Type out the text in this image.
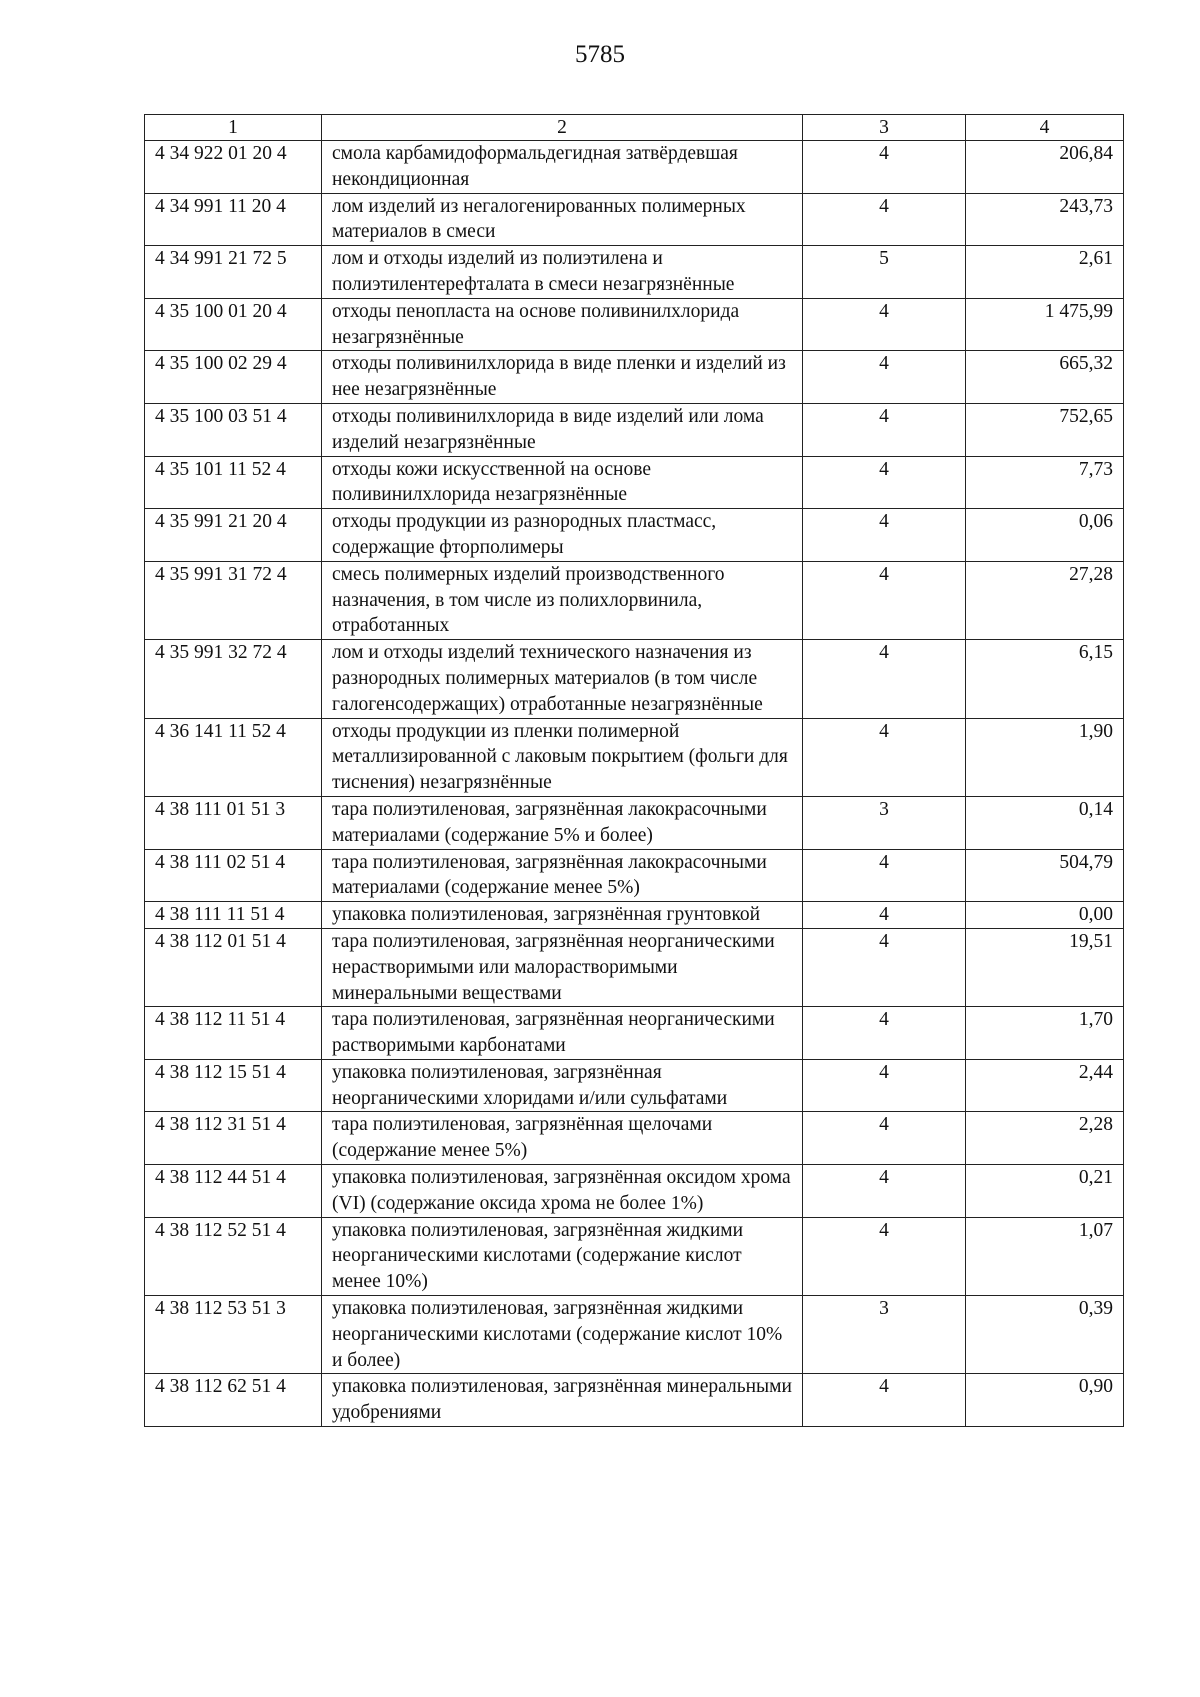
5785
1	2	3	4
4 34 922 01 20 4	смола карбамидоформальдегидная затвёрдевшая некондиционная	4	206,84
4 34 991 11 20 4	лом изделий из негалогенированных полимерных материалов в смеси	4	243,73
4 34 991 21 72 5	лом и отходы изделий из полиэтилена и полиэтилентерефталата в смеси незагрязнённые	5	2,61
4 35 100 01 20 4	отходы пенопласта на основе поливинилхлорида незагрязнённые	4	1 475,99
4 35 100 02 29 4	отходы поливинилхлорида в виде пленки и изделий из нее незагрязнённые	4	665,32
4 35 100 03 51 4	отходы поливинилхлорида в виде изделий или лома изделий незагрязнённые	4	752,65
4 35 101 11 52 4	отходы кожи искусственной на основе поливинилхлорида незагрязнённые	4	7,73
4 35 991 21 20 4	отходы продукции из разнородных пластмасс, содержащие фторполимеры	4	0,06
4 35 991 31 72 4	смесь полимерных изделий производственного назначения, в том числе из полихлорвинила, отработанных	4	27,28
4 35 991 32 72 4	лом и отходы изделий технического назначения из разнородных полимерных материалов (в том числе галогенсодержащих) отработанные незагрязнённые	4	6,15
4 36 141 11 52 4	отходы продукции из пленки полимерной металлизированной с лаковым покрытием (фольги для тиснения) незагрязнённые	4	1,90
4 38 111 01 51 3	тара полиэтиленовая, загрязнённая лакокрасочными материалами (содержание 5% и более)	3	0,14
4 38 111 02 51 4	тара полиэтиленовая, загрязнённая лакокрасочными материалами (содержание менее 5%)	4	504,79
4 38 111 11 51 4	упаковка полиэтиленовая, загрязнённая грунтовкой	4	0,00
4 38 112 01 51 4	тара полиэтиленовая, загрязнённая неорганическими нерастворимыми или малорастворимыми минеральными веществами	4	19,51
4 38 112 11 51 4	тара полиэтиленовая, загрязнённая неорганическими растворимыми карбонатами	4	1,70
4 38 112 15 51 4	упаковка полиэтиленовая, загрязнённая неорганическими хлоридами и/или сульфатами	4	2,44
4 38 112 31 51 4	тара полиэтиленовая, загрязнённая щелочами (содержание менее 5%)	4	2,28
4 38 112 44 51 4	упаковка полиэтиленовая, загрязнённая оксидом хрома (VI) (содержание оксида хрома не более 1%)	4	0,21
4 38 112 52 51 4	упаковка полиэтиленовая, загрязнённая жидкими неорганическими кислотами (содержание кислот менее 10%)	4	1,07
4 38 112 53 51 3	упаковка полиэтиленовая, загрязнённая жидкими неорганическими кислотами (содержание кислот 10% и более)	3	0,39
4 38 112 62 51 4	упаковка полиэтиленовая, загрязнённая минеральными удобрениями	4	0,90
